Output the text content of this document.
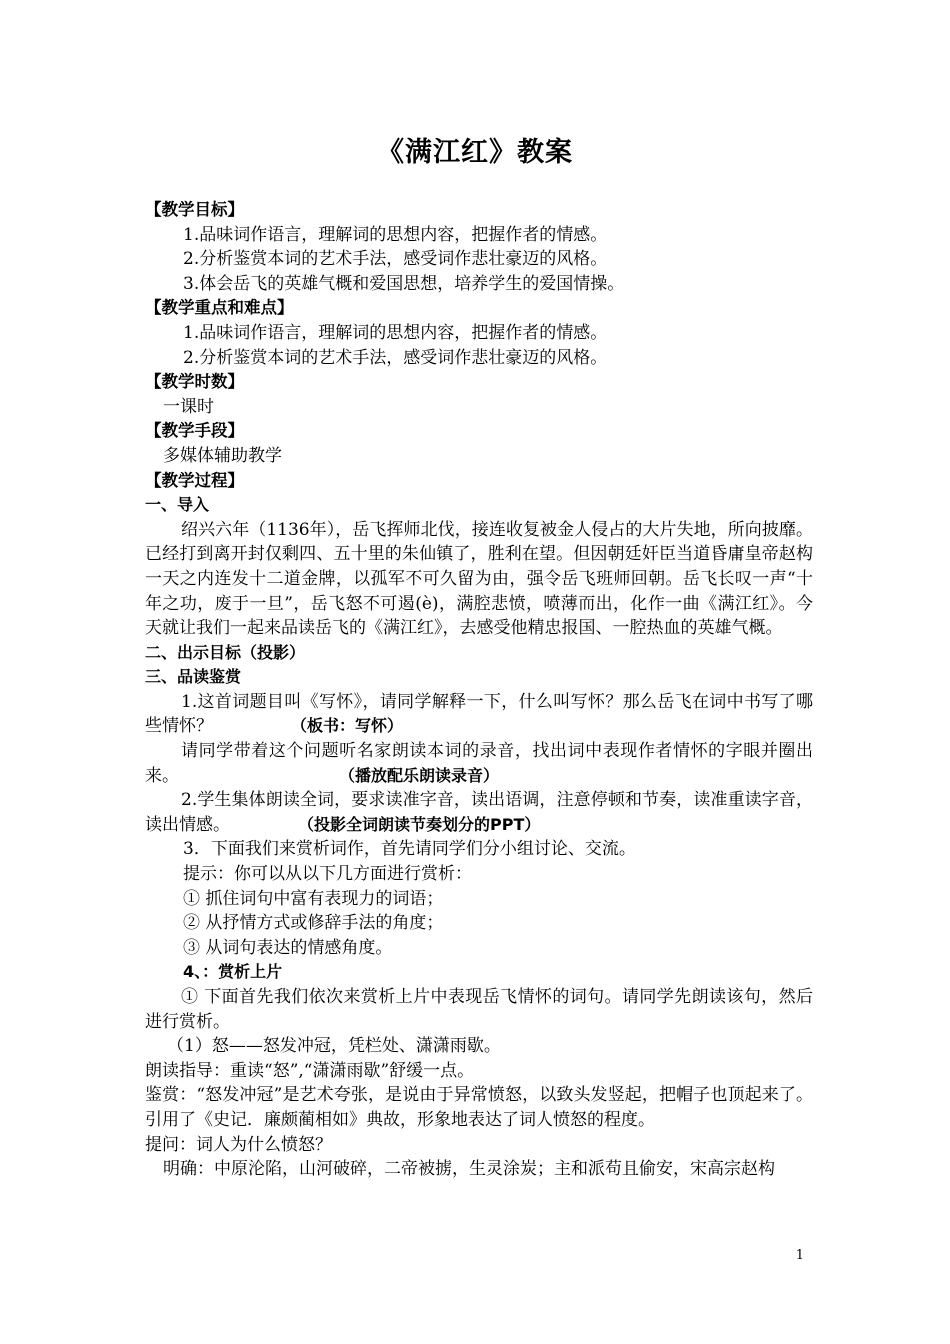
《满江红》教案
【教学目标】
1.品味词作语言，理解词的思想内容，把握作者的情感。
2.分析鉴赏本词的艺术手法，感受词作悲壮豪迈的风格。
3.体会岳飞的英雄气概和爱国思想，培养学生的爱国情操。
【教学重点和难点】
1.品味词作语言，理解词的思想内容，把握作者的情感。
2.分析鉴赏本词的艺术手法，感受词作悲壮豪迈的风格。
【教学时数】
一课时
【教学手段】
多媒体辅助教学
【教学过程】
一、导入
绍兴六年（1136年），岳飞挥师北伐，接连收复被金人侵占的大片失地，所向披靡。已经打到离开封仅剩四、五十里的朱仙镇了，胜利在望。但因朝廷奸臣当道昏庸皇帝赵构一天之内连发十二道金牌，以孤军不可久留为由，强令岳飞班师回朝。岳飞长叹一声“十年之功，废于一旦”，岳飞怒不可遏(è)，满腔悲愤，喷薄而出，化作一曲《满江红》。今天就让我们一起来品读岳飞的《满江红》，去感受他精忠报国、一腔热血的英雄气概。
二、出示目标（投影）
三、品读鉴赏
1.这首词题目叫《写怀》，请同学解释一下，什么叫写怀？那么岳飞在词中书写了哪些情怀？	（板书：写怀）
请同学带着这个问题听名家朗读本词的录音，找出词中表现作者情怀的字眼并圈出来。	（播放配乐朗读录音）
2.学生集体朗读全词，要求读准字音，读出语调，注意停顿和节奏，读准重读字音，读出情感。	（投影全词朗读节奏划分的PPT）
3．下面我们来赏析词作，首先请同学们分小组讨论、交流。
提示：你可以从以下几方面进行赏析：
① 抓住词句中富有表现力的词语；
② 从抒情方式或修辞手法的角度；
③ 从词句表达的情感角度。
4、：赏析上片
① 下面首先我们依次来赏析上片中表现岳飞情怀的词句。请同学先朗读该句，然后进行赏析。
（1）怒——怒发冲冠，凭栏处、潇潇雨歇。
朗读指导：重读“怒”,“潇潇雨歇”舒缓一点。
鉴赏：“怒发冲冠”是艺术夸张，是说由于异常愤怒，以致头发竖起，把帽子也顶起来了。引用了《史记．廉颇蔺相如》典故，形象地表达了词人愤怒的程度。
提问：词人为什么愤怒？
明确：中原沦陷，山河破碎，二帝被掳，生灵涂炭；主和派苟且偷安，宋高宗赵构
1
